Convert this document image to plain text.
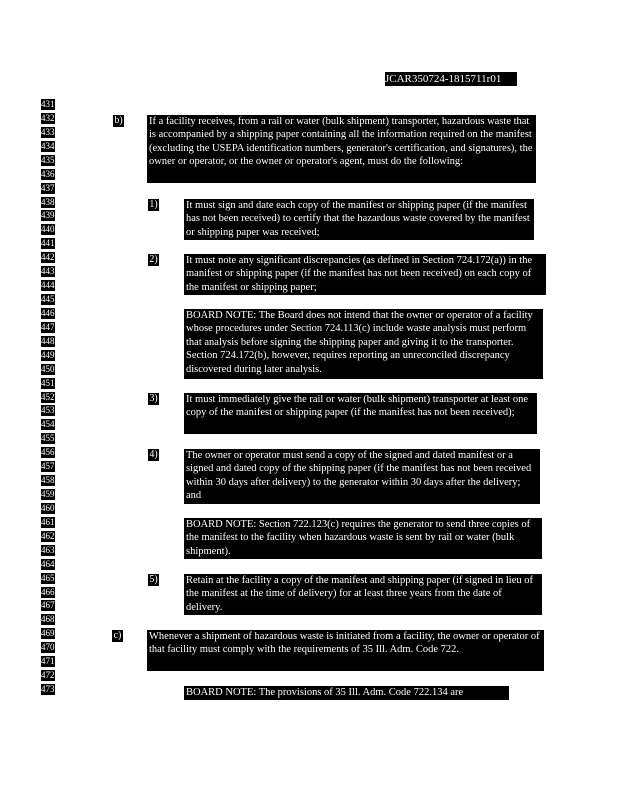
JCAR350724-1815711r01
431
432
433
434
435
436
437
438
439
440
441
442
443
444
445
446
447
448
449
450
451
452
453
454
455
456
457
458
459
460
461
462
463
464
465
466
467
468
469
470
471
472
473
b)	If a facility receives, from a rail or water (bulk shipment) transporter, hazardous waste that is accompanied by a shipping paper containing all the information required on the manifest (excluding the USEPA identification numbers, generator's certification, and signatures), the owner or operator, or the owner or operator's agent, must do the following:
1)	It must sign and date each copy of the manifest or shipping paper (if the manifest has not been received) to certify that the hazardous waste covered by the manifest or shipping paper was received;
2)	It must note any significant discrepancies (as defined in Section 724.172(a)) in the manifest or shipping paper (if the manifest has not been received) on each copy of the manifest or shipping paper;
BOARD NOTE: The Board does not intend that the owner or operator of a facility whose procedures under Section 724.113(c) include waste analysis must perform that analysis before signing the shipping paper and giving it to the transporter. Section 724.172(b), however, requires reporting an unreconciled discrepancy discovered during later analysis.
3)	It must immediately give the rail or water (bulk shipment) transporter at least one copy of the manifest or shipping paper (if the manifest has not been received);
4)	The owner or operator must send a copy of the signed and dated manifest or a signed and dated copy of the shipping paper (if the manifest has not been received within 30 days after delivery) to the generator within 30 days after the delivery; and
BOARD NOTE: Section 722.123(c) requires the generator to send three copies of the manifest to the facility when hazardous waste is sent by rail or water (bulk shipment).
5)	Retain at the facility a copy of the manifest and shipping paper (if signed in lieu of the manifest at the time of delivery) for at least three years from the date of delivery.
c)	Whenever a shipment of hazardous waste is initiated from a facility, the owner or operator of that facility must comply with the requirements of 35 Ill. Adm. Code 722.
BOARD NOTE: The provisions of 35 Ill. Adm. Code 722.134 are
